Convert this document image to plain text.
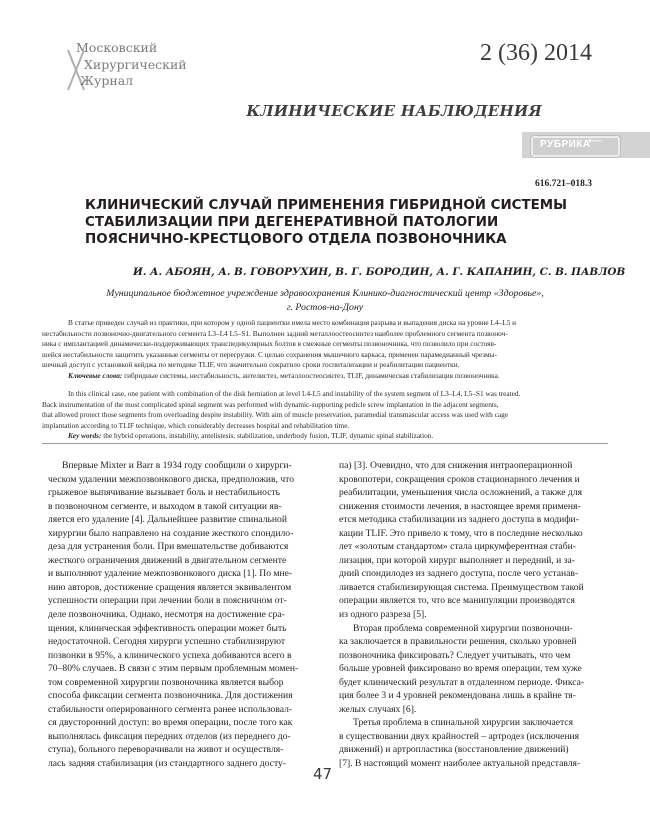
Московский
Хирургический
Журнал
2 (36) 2014
КЛИНИЧЕСКИЕ НАБЛЮДЕНИЯ
РУБРИКА
⟵
616.721–018.3
КЛИНИЧЕСКИЙ СЛУЧАЙ ПРИМЕНЕНИЯ ГИБРИДНОЙ СИСТЕМЫ
СТАБИЛИЗАЦИИ ПРИ ДЕГЕНЕРАТИВНОЙ ПАТОЛОГИИ
ПОЯСНИЧНО-КРЕСТЦОВОГО ОТДЕЛА ПОЗВОНОЧНИКА
И. А. АБОЯН, А. В. ГОВОРУХИН, В. Г. БОРОДИН, А. Г. КАПАНИН, С. В. ПАВЛОВ
Муниципальное бюджетное учреждение здравоохранения Клинико-диагностический центр «Здоровье»,
г. Ростов-на-Дону
В статье приведен случай из практики, при котором у одной пациентки имела место комбинация разрыва и выпадения диска на уровне L4–L5 и
нестабильности позвоночно-двигательного сегмента L3–L4 L5–S1. Выполнен задний металлоостеосинтез наиболее проблемного сегмента позвоноч-
ника с имплантацией динамически-поддерживающих транспедикулярных болтов в смежные сегменты позвоночника, что позволило при состояв-
шейся нестабильности защитить указанные сегменты от перегрузки. С целью сохранения мышечного каркаса, применен парамедианный чрезмы-
шечный доступ с установкой кейджа по методике TLIF, что значительно сократило сроки госпитализации и реабилитации пациентки.
Ключевые слова: гибридные системы, нестабильность, антелистез, металлоостеосинтез, TLIF, динамическая стабилизация позвоночника.
In this clinical case, one patient with combination of the disk herniation at level L4-L5 and instability of the system segment of L3–L4, L5–S1 was treated.
Back instrumentation of the most complicated spinal segment was performed with dynamic-supporting pedicle screw implantation in the adjacent segments,
that allowed protect those segments from overloading despite instability. With aim of muscle preservation, paramedial transmascular access was used with cage
implantation according to TLIF technique, which considerably decreases hospital and rehabilitation time.
Key words: the hybrid operations, instability, antelistesis, stabilization, underbody fusion, TLIF, dynamic spinal stabilization.
Впервые Mixter и Barr в 1934 году сообщили о хирурги-
ческом удалении межпозвонкового диска, предположив, что
грыжевое выпячивание вызывает боль и нестабильность
в позвоночном сегменте, и выходом в такой ситуации яв-
ляется его удаление [4]. Дальнейшее развитие спинальной
хирургии было направлено на создание жесткого спондило-
деза для устранения боли. При вмешательстве добиваются
жесткого ограничения движений в двигательном сегменте
и выполняют удаление межпозвонкового диска [1]. По мне-
нию авторов, достижение сращения является эквивалентом
успешности операции при лечении боли в поясничном от-
деле позвоночника. Однако, несмотря на достижение сра-
щения, клиническая эффективность операции может быть
недостаточной. Сегодня хирурги успешно стабилизируют
позвонки в 95%, а клинического успеха добиваются всего в
70–80% случаев. В связи с этим первым проблемным момен-
том современной хирургии позвоночника является выбор
способа фиксации сегмента позвоночника. Для достижения
стабильности оперированного сегмента ранее использовал-
ся двусторонний доступ: во время операции, после того как
выполнялась фиксация передних отделов (из переднего до-
ступа), больного переворачивали на живот и осуществля-
лась задняя стабилизация (из стандартного заднего досту-
па) [3]. Очевидно, что для снижения интраоперационной
кровопотери, сокращения сроков стационарного лечения и
реабилитации, уменьшения числа осложнений, а также для
снижения стоимости лечения, в настоящее время применя-
ется методика стабилизации из заднего доступа в модифи-
кации TLIF. Это привело к тому, что в последние несколько
лет «золотым стандартом» стала циркумферентная стаби-
лизация, при которой хирург выполняет и передний, и за-
дний спондилодез из заднего доступа, после чего устанав-
ливается стабилизирующая система. Преимуществом такой
операции является то, что все манипуляции производятся
из одного разреза [5].
Вторая проблема современной хирургии позвоночни-
ка заключается в правильности решения, сколько уровней
позвоночника фиксировать? Следует учитывать, что чем
больше уровней фиксировано во время операции, тем хуже
будет клинический результат в отдаленном периоде. Фикса-
ция более 3 и 4 уровней рекомендована лишь в крайне тя-
желых случаях [6].
Третья проблема в спинальной хирургии заключается
в существовании двух крайностей – артродез (исключения
движений) и артропластика (восстановление движений)
[7]. В настоящий момент наиболее актуальной представля-
47
